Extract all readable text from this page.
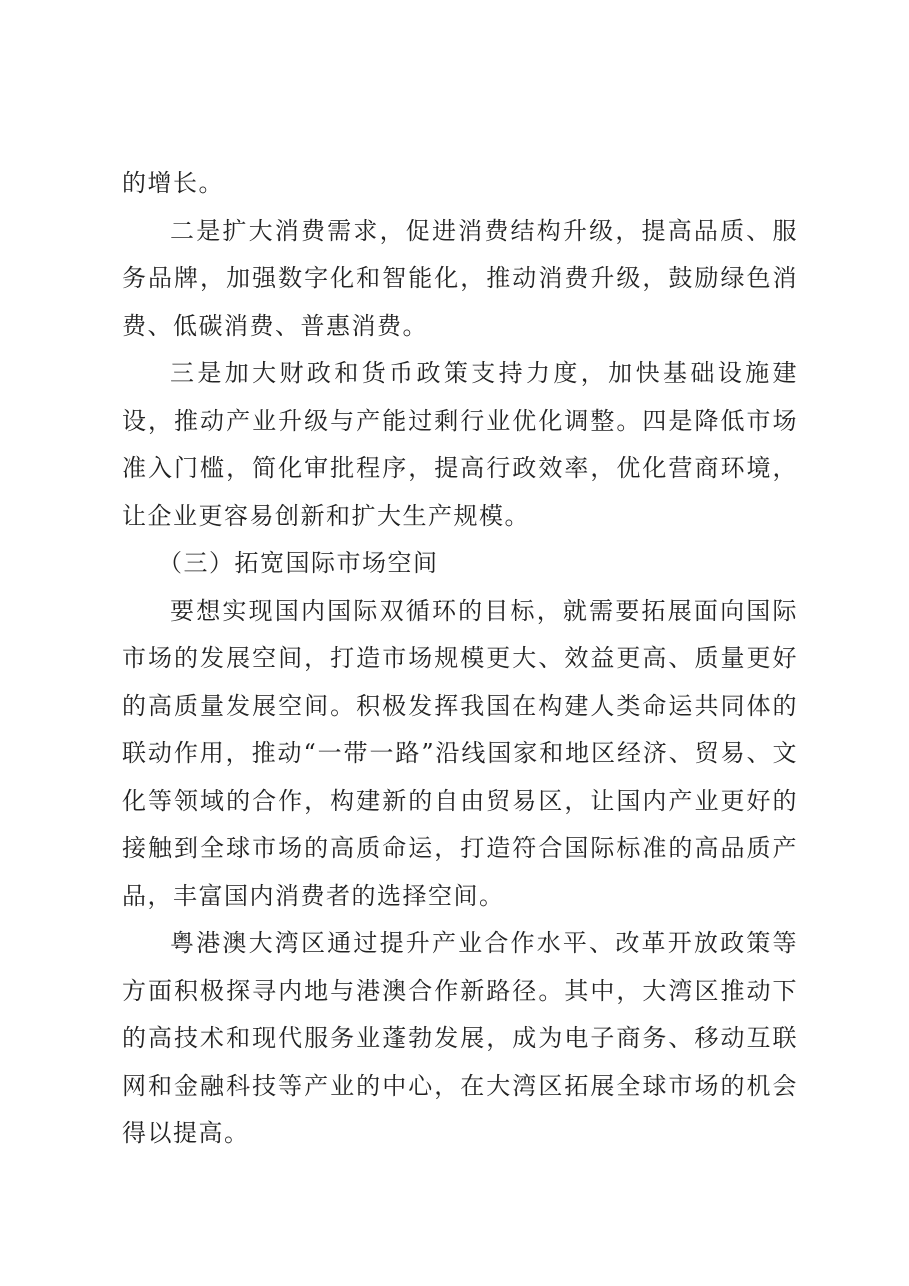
的增长。

二是扩大消费需求，促进消费结构升级，提高品质、服务品牌，加强数字化和智能化，推动消费升级，鼓励绿色消费、低碳消费、普惠消费。

三是加大财政和货币政策支持力度，加快基础设施建设，推动产业升级与产能过剩行业优化调整。四是降低市场准入门槛，简化审批程序，提高行政效率，优化营商环境，让企业更容易创新和扩大生产规模。

（三）拓宽国际市场空间

要想实现国内国际双循环的目标，就需要拓展面向国际市场的发展空间，打造市场规模更大、效益更高、质量更好的高质量发展空间。积极发挥我国在构建人类命运共同体的联动作用，推动“一带一路”沿线国家和地区经济、贸易、文化等领域的合作，构建新的自由贸易区，让国内产业更好的接触到全球市场的高质命运，打造符合国际标准的高品质产品，丰富国内消费者的选择空间。

粤港澳大湾区通过提升产业合作水平、改革开放政策等方面积极探寻内地与港澳合作新路径。其中，大湾区推动下的高技术和现代服务业蓬勃发展，成为电子商务、移动互联网和金融科技等产业的中心，在大湾区拓展全球市场的机会得以提高。
